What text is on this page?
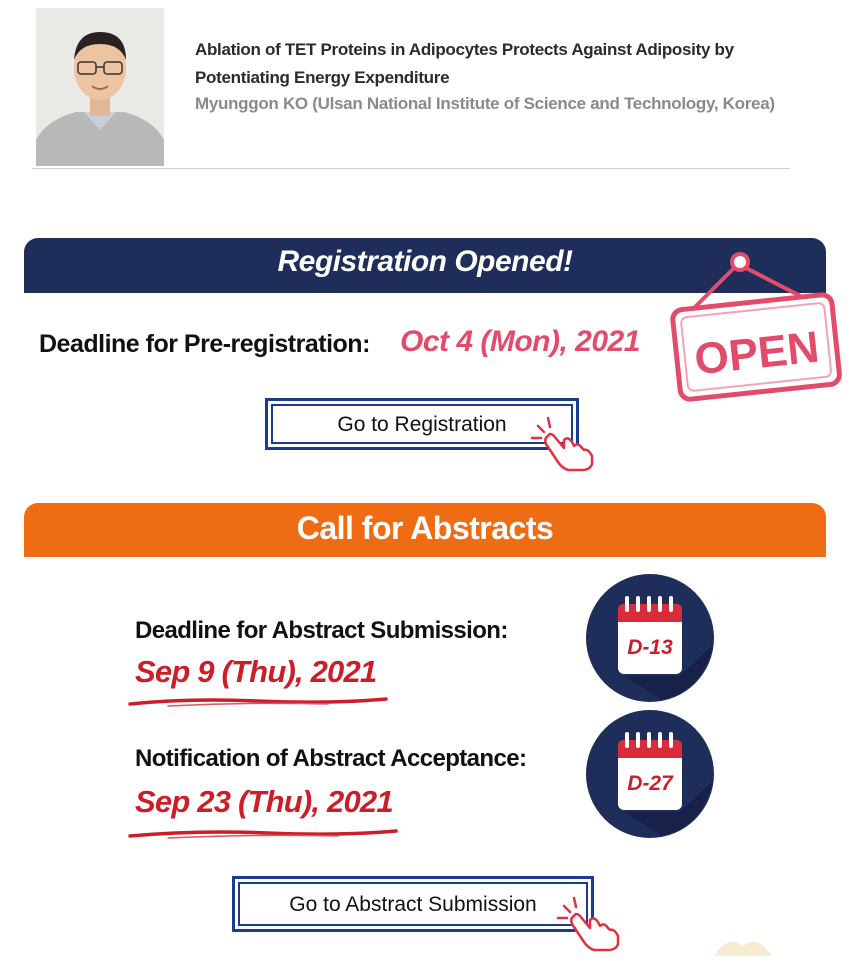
Ablation of TET Proteins in Adipocytes Protects Against Adiposity by
Potentiating Energy Expenditure
Myunggon KO (Ulsan National Institute of Science and Technology, Korea)
Registration Opened!
OPEN
Deadline for Pre-registration: Oct 4 (Mon), 2021
Go to Registration
Call for Abstracts
Deadline for Abstract Submission:
Sep 9 (Thu), 2021
Notification of Abstract Acceptance:
Sep 23 (Thu), 2021
D-13
D-27
Go to Abstract Submission
